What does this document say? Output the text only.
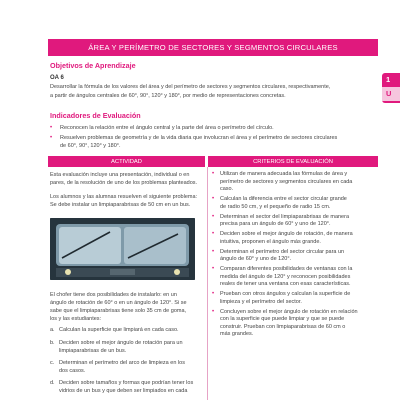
ÁREA Y PERÍMETRO DE SECTORES Y SEGMENTOS CIRCULARES
1
U
Objetivos de Aprendizaje
OA 6
Desarrollar la fórmula de los valores del área y del perímetro de sectores y segmentos circulares, respectivamente,
a partir de ángulos centrales de 60°, 90°, 120° y 180°, por medio de representaciones concretas.
Indicadores de Evaluación
•	Reconocen la relación entre el ángulo central y la parte del área o perímetro del círculo.
•	Resuelven problemas de geometría y de la vida diaria que involucran el área y el perímetro de sectores circulares
de 60°, 90°, 120° y 180°.
ACTIVIDAD	CRITERIOS DE EVALUACIÓN
Esta evaluación incluye una presentación, individual o en
pares, de la resolución de uno de los problemas planteados.
Los alumnos y las alumnas resuelven el siguiente problema:
Se debe instalar un limpiaparabrisas de 50 cm en un bus.
El chofer tiene dos posibilidades de instalarlo: en un
ángulo de rotación de 60° o en un ángulo de 120°. Si se
sabe que el limpiaparabrisas tiene solo 35 cm de goma,
los y las estudiantes:
a. Calculan la superficie que limpiará en cada caso.
b. Deciden sobre el mejor ángulo de rotación para un
limpiaparabrisas de un bus.
c. Determinan el perímetro del arco de limpieza en los
dos casos.
d. Deciden sobre tamaños y formas que podrían tener los
vidrios de un bus y que deben ser limpiados en cada
•	Utilizan de manera adecuada las fórmulas de área y
perímetro de sectores y segmentos circulares en cada
caso.
•	Calculan la diferencia entre el sector circular grande
de radio 50 cm, y el pequeño de radio 15 cm.
•	Determinan el sector del limpiaparabrisas de manera
precisa para un ángulo de 60° y uno de 120°.
•	Deciden sobre el mejor ángulo de rotación, de manera
intuitiva, proponen el ángulo más grande.
•	Determinan el perímetro del sector circular para un
ángulo de 60° y uno de 120°.
•	Comparan diferentes posibilidades de ventanas con la
medida del ángulo de 120° y reconocen posibilidades
reales de tener una ventana con esas características.
•	Prueban con otros ángulos y calculan la superficie de
limpieza y el perímetro del sector.
•	Concluyen sobre el mejor ángulo de rotación en relación
con la superficie que puede limpiar y que se puede
construir. Prueban con limpiaparabrisas de 60 cm o
más grandes.
